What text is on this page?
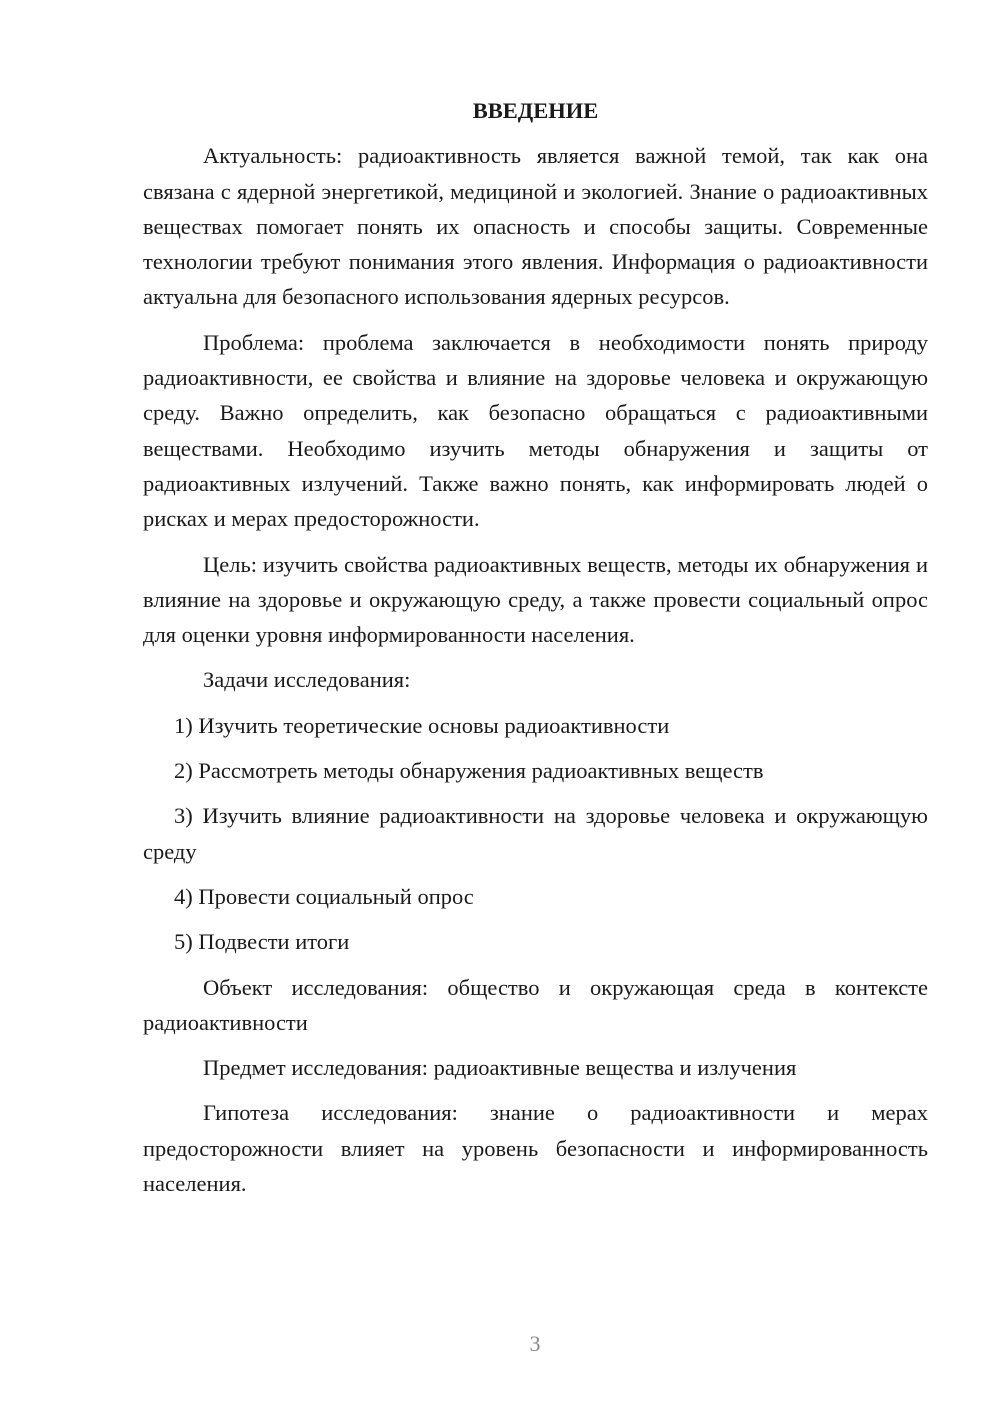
ВВЕДЕНИЕ

Актуальность: радиоактивность является важной темой, так как она связана с ядерной энергетикой, медициной и экологией. Знание о радиоактивных веществах помогает понять их опасность и способы защиты. Современные технологии требуют понимания этого явления. Информация о радиоактивности актуальна для безопасного использования ядерных ресурсов.

Проблема: проблема заключается в необходимости понять природу радиоактивности, ее свойства и влияние на здоровье человека и окружающую среду. Важно определить, как безопасно обращаться с радиоактивными веществами. Необходимо изучить методы обнаружения и защиты от радиоактивных излучений. Также важно понять, как информировать людей о рисках и мерах предосторожности.

Цель: изучить свойства радиоактивных веществ, методы их обнаружения и влияние на здоровье и окружающую среду, а также провести социальный опрос для оценки уровня информированности населения.

Задачи исследования:

1) Изучить теоретические основы радиоактивности

2) Рассмотреть методы обнаружения радиоактивных веществ

3) Изучить влияние радиоактивности на здоровье человека и окружающую среду

4) Провести социальный опрос

5) Подвести итоги

Объект исследования: общество и окружающая среда в контексте радиоактивности

Предмет исследования: радиоактивные вещества и излучения

Гипотеза исследования: знание о радиоактивности и мерах предосторожности влияет на уровень безопасности и информированность населения.

3
